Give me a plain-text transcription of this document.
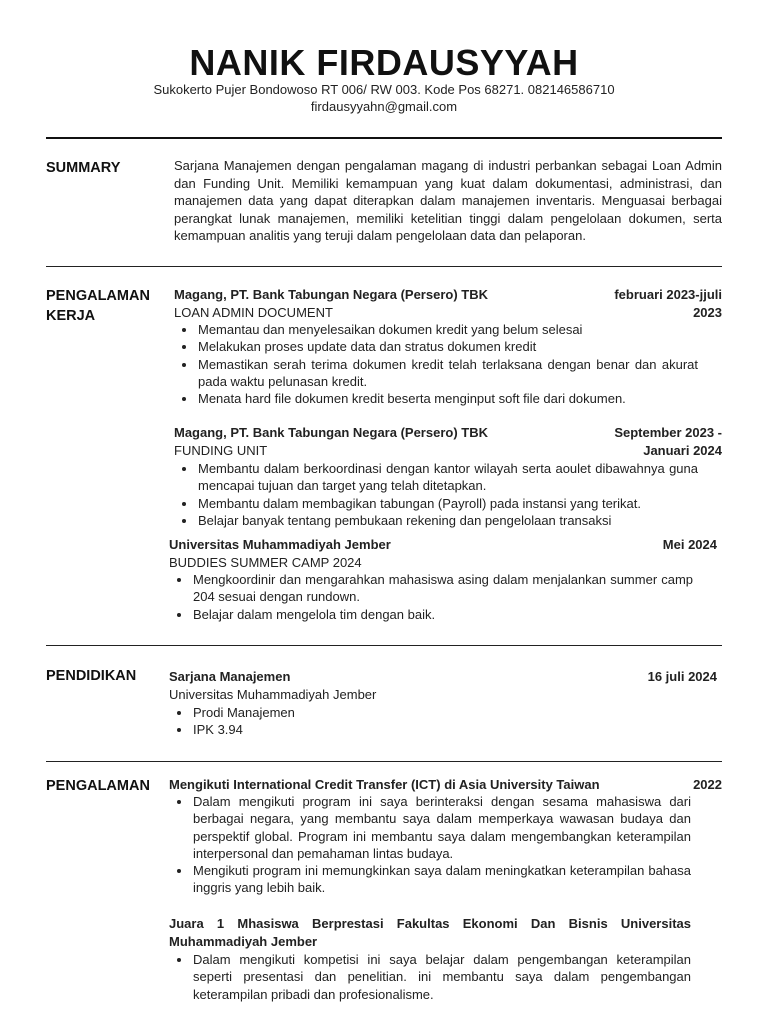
NANIK FIRDAUSYYAH
Sukokerto Pujer Bondowoso RT 006/ RW 003. Kode Pos 68271. 082146586710
firdausyyahn@gmail.com
SUMMARY	Sarjana Manajemen dengan pengalaman magang di industri perbankan sebagai Loan Admin dan Funding Unit. Memiliki kemampuan yang kuat dalam dokumentasi, administrasi, dan manajemen data yang dapat diterapkan dalam manajemen inventaris. Menguasai berbagai perangkat lunak manajemen, memiliki ketelitian tinggi dalam pengelolaan dokumen, serta kemampuan analitis yang teruji dalam pengelolaan data dan pelaporan.
PENGALAMAN
KERJA
Magang, PT. Bank Tabungan Negara (Persero) TBK	februari 2023-jjuli
2023
LOAN ADMIN DOCUMENT
Memantau dan menyelesaikan dokumen kredit yang belum selesai
Melakukan proses update data dan stratus dokumen kredit
Memastikan serah terima dokumen kredit telah terlaksana dengan benar dan akurat pada waktu pelunasan kredit.
Menata hard file dokumen kredit beserta menginput soft file dari dokumen.
Magang, PT. Bank Tabungan Negara (Persero) TBK	September 2023 -
Januari 2024
FUNDING UNIT
Membantu dalam berkoordinasi dengan kantor wilayah serta aoulet dibawahnya guna mencapai tujuan dan target yang telah ditetapkan.
Membantu dalam membagikan tabungan (Payroll) pada instansi yang terikat.
Belajar banyak tentang pembukaan rekening dan pengelolaan transaksi
Universitas Muhammadiyah Jember	Mei 2024
BUDDIES SUMMER CAMP 2024
Mengkoordinir dan mengarahkan mahasiswa asing dalam menjalankan summer camp 204 sesuai dengan rundown.
Belajar dalam mengelola tim dengan baik.
PENDIDIKAN	Sarjana Manajemen	16 juli 2024
Universitas Muhammadiyah Jember
Prodi Manajemen
IPK 3.94
PENGALAMAN Mengikuti International Credit Transfer (ICT) di Asia University Taiwan	2022
Dalam mengikuti program ini saya berinteraksi dengan sesama mahasiswa dari berbagai negara, yang membantu saya dalam memperkaya wawasan budaya dan perspektif global. Program ini membantu saya dalam mengembangkan keterampilan interpersonal dan pemahaman lintas budaya.
Mengikuti program ini memungkinkan saya dalam meningkatkan keterampilan bahasa inggris yang lebih baik.
Juara 1 Mhasiswa Berprestasi Fakultas Ekonomi Dan Bisnis Universitas Muhammadiyah Jember
Dalam mengikuti kompetisi ini saya belajar dalam pengembangan keterampilan seperti presentasi dan penelitian. ini membantu saya dalam pengembangan keterampilan pribadi dan profesionalisme.
